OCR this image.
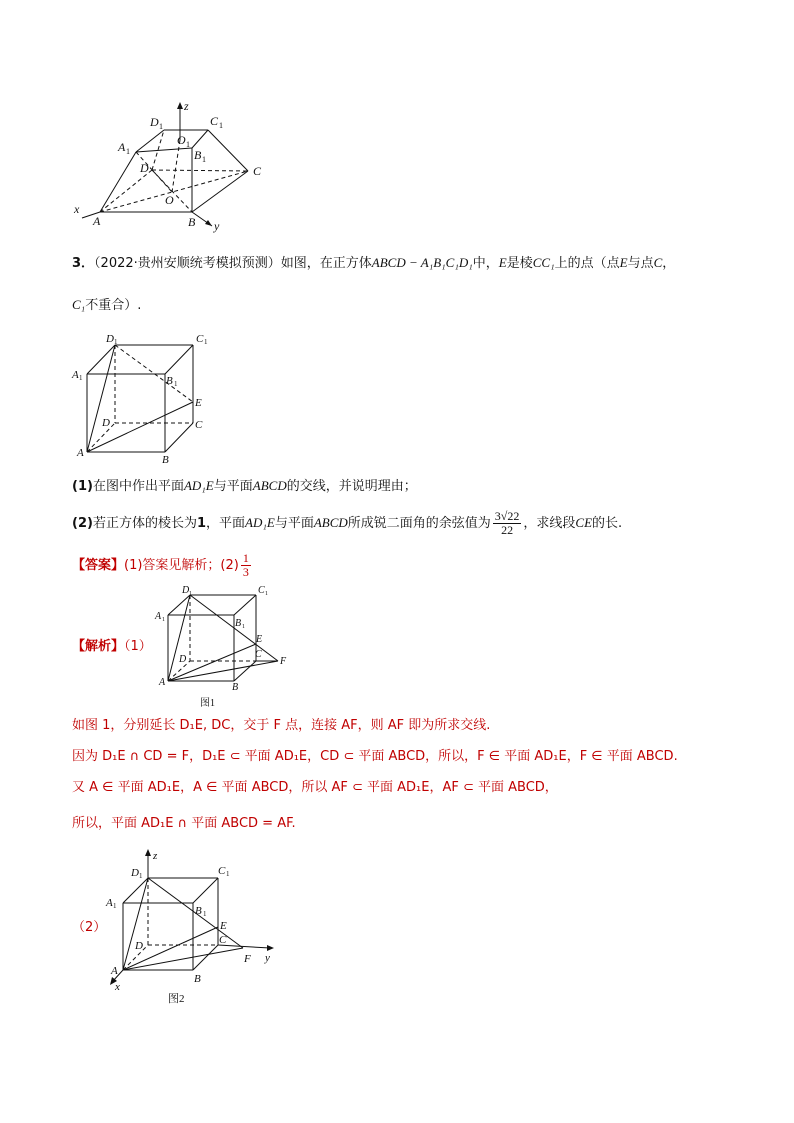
D 1	C 1
A 1
O 1
B 1
D	C
O
A	B
x
y
z
3．（2022·贵州安顺统考模拟预测）如图，在正方体ABCD − A₁B₁C₁D₁中，E是棱CC₁上的点（点E与点C，
C₁不重合）.
D 1	C 1
A 1	B 1
E
D	C
A
B
(1)在图中作出平面AD₁E与平面ABCD的交线，并说明理由；
(2)若正方体的棱长为1，平面AD₁E与平面ABCD所成锐二面角的余弦值为 $\frac{3√22}{22}$ ，求线段CE的长.
【答案】(1)答案见解析；$(2) \frac{1}{3}$
【解析】（1）
D 1	C 1
A 1	B 1
E
D	C
F
A	B
图1
如图 1，分别延长 D₁E, DC，交于 F 点，连接 AF，则 AF 即为所求交线.
因为 D₁E ∩ CD = F，D₁E ⊂ 平面 AD₁E，CD ⊂ 平面 ABCD，所以，F ∈ 平面 AD₁E，F ∈ 平面 ABCD.
又 A ∈ 平面 AD₁E，A ∈ 平面 ABCD，所以 AF ⊂ 平面 AD₁E，AF ⊂ 平面 ABCD，
所以，平面 AD₁E ∩ 平面 ABCD = AF.
（2）
z
D 1	C 1
A 1	B 1
E
D	C
F y
A
B
x
图2
